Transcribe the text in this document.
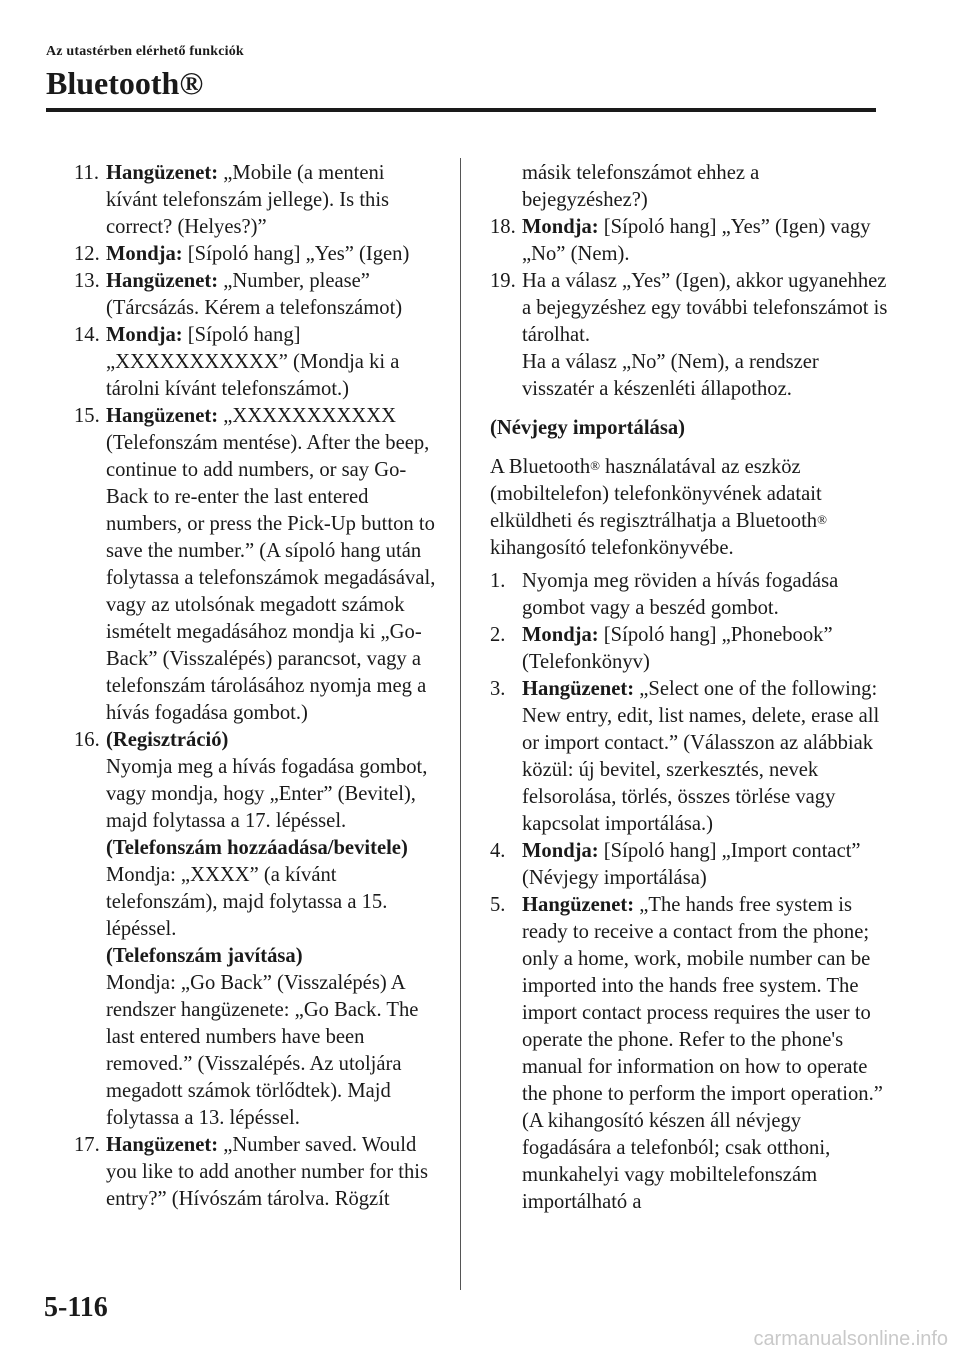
Az utastérben elérhető funkciók
Bluetooth®
11. Hangüzenet: „Mobile (a menteni kívánt telefonszám jellege). Is this correct? (Helyes?)”
12. Mondja: [Sípoló hang] „Yes” (Igen)
13. Hangüzenet: „Number, please” (Tárcsázás. Kérem a telefonszámot)
14. Mondja: [Sípoló hang] „XXXXXXXXXXX” (Mondja ki a tárolni kívánt telefonszámot.)
15. Hangüzenet: „XXXXXXXXXXX (Telefonszám mentése). After the beep, continue to add numbers, or say Go-Back to re-enter the last entered numbers, or press the Pick-Up button to save the number.” (A sípoló hang után folytassa a telefonszámok megadásával, vagy az utolsónak megadott számok ismételt megadásához mondja ki „Go-Back” (Visszalépés) parancsot, vagy a telefonszám tárolásához nyomja meg a hívás fogadása gombot.)
16. (Regisztráció)
Nyomja meg a hívás fogadása gombot, vagy mondja, hogy „Enter” (Bevitel), majd folytassa a 17. lépéssel.
(Telefonszám hozzáadása/bevitele)
Mondja: „XXXX” (a kívánt telefonszám), majd folytassa a 15. lépéssel.
(Telefonszám javítása)
Mondja: „Go Back” (Visszalépés) A rendszer hangüzenete: „Go Back. The last entered numbers have been removed.” (Visszalépés. Az utoljára megadott számok törlődtek). Majd folytassa a 13. lépéssel.
17. Hangüzenet: „Number saved. Would you like to add another number for this entry?” (Hívószám tárolva. Rögzít
másik telefonszámot ehhez a bejegyzéshez?)
18. Mondja: [Sípoló hang] „Yes” (Igen) vagy „No” (Nem).
19. Ha a válasz „Yes” (Igen), akkor ugyanehhez a bejegyzéshez egy további telefonszámot is tárolhat.
Ha a válasz „No” (Nem), a rendszer visszatér a készenléti állapothoz.
(Névjegy importálása)
A Bluetooth® használatával az eszköz (mobiltelefon) telefonkönyvének adatait elküldheti és regisztrálhatja a Bluetooth® kihangosító telefonkönyvébe.
1. Nyomja meg röviden a hívás fogadása gombot vagy a beszéd gombot.
2. Mondja: [Sípoló hang] „Phonebook” (Telefonkönyv)
3. Hangüzenet: „Select one of the following: New entry, edit, list names, delete, erase all or import contact.” (Válasszon az alábbiak közül: új bevitel, szerkesztés, nevek felsorolása, törlés, összes törlése vagy kapcsolat importálása.)
4. Mondja: [Sípoló hang] „Import contact” (Névjegy importálása)
5. Hangüzenet: „The hands free system is ready to receive a contact from the phone; only a home, work, mobile number can be imported into the hands free system. The import contact process requires the user to operate the phone. Refer to the phone's manual for information on how to operate the phone to perform the import operation.” (A kihangosító készen áll névjegy fogadására a telefonból; csak otthoni, munkahelyi vagy mobiltelefonszám importálható a
5-116
carmanualsonline.info
